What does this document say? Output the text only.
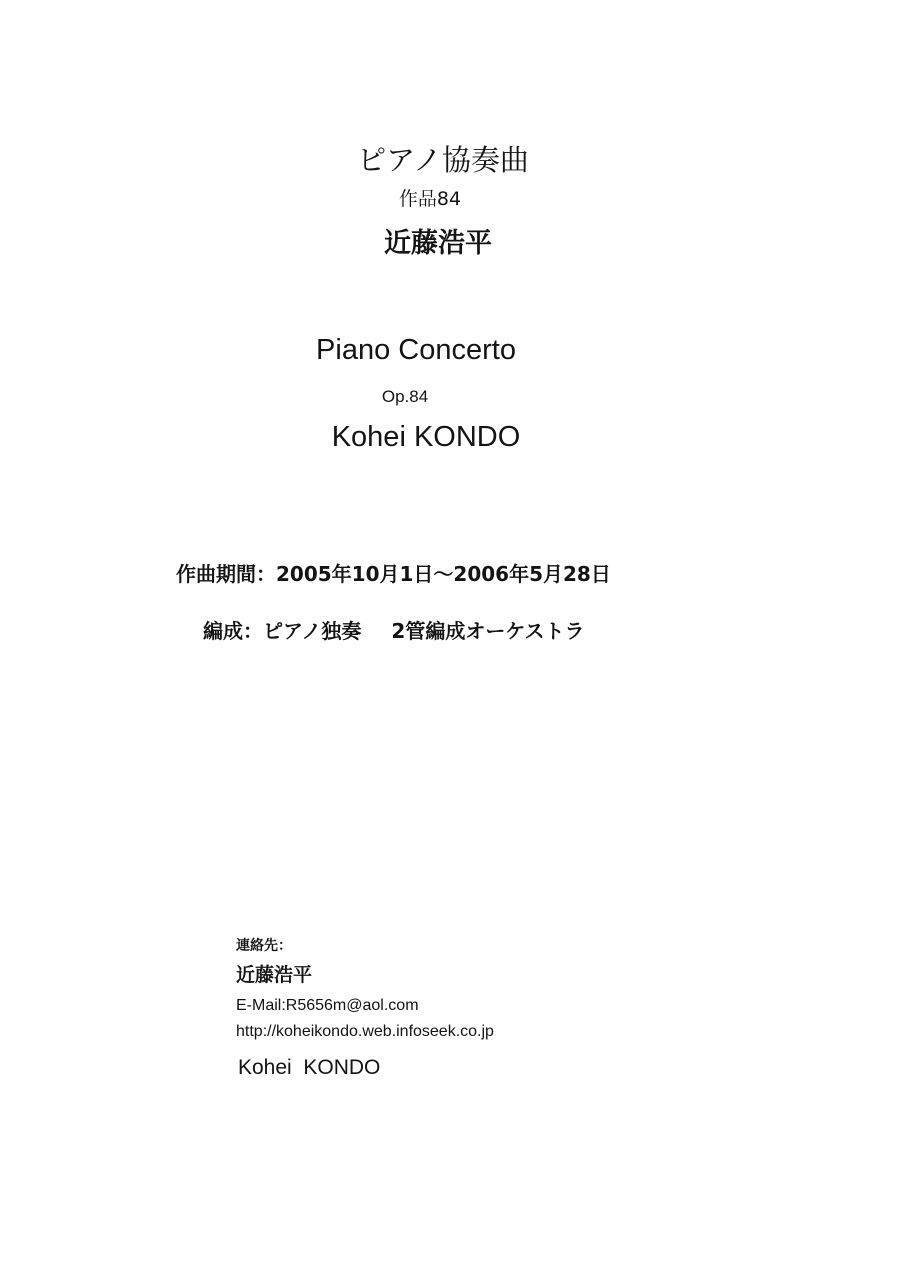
ピアノ協奏曲
作品84
近藤浩平
Piano Concerto
Op.84
Kohei KONDO
作曲期間：2005年10月1日～2006年5月28日
編成：ピアノ独奏 2管編成オーケストラ
連絡先：
近藤浩平
E-Mail:R5656m@aol.com
http://koheikondo.web.infoseek.co.jp
Kohei  KONDO
